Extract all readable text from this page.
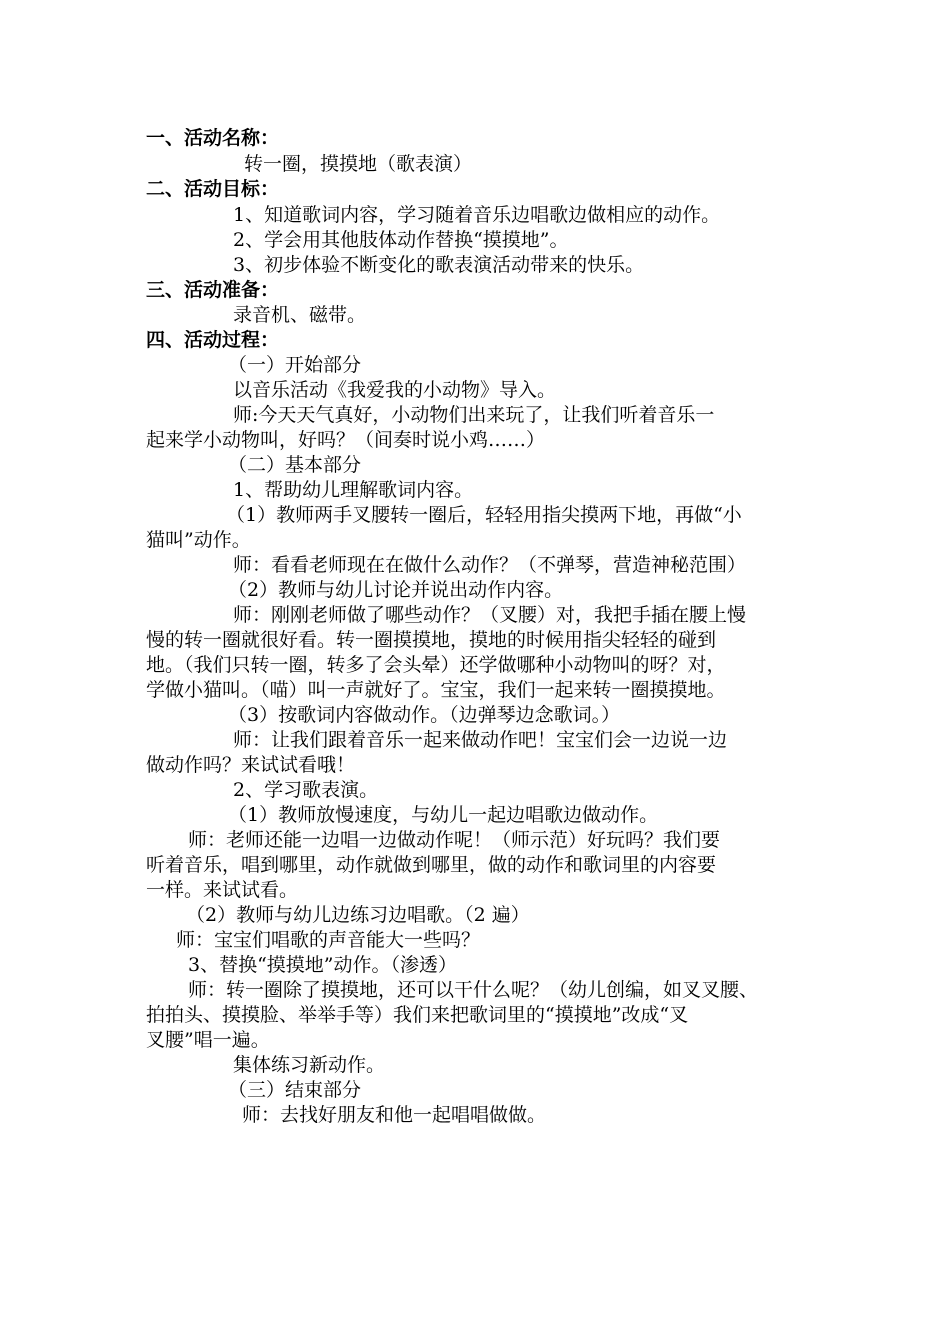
一、活动名称：
转一圈，摸摸地（歌表演）
二、活动目标：
1、知道歌词内容，学习随着音乐边唱歌边做相应的动作。
2、学会用其他肢体动作替换“摸摸地”。
3、初步体验不断变化的歌表演活动带来的快乐。
三、活动准备：
录音机、磁带。
四、活动过程：
（一）开始部分
以音乐活动《我爱我的小动物》导入。
师:今天天气真好，小动物们出来玩了，让我们听着音乐一
起来学小动物叫，好吗？（间奏时说小鸡……）
（二）基本部分
1、帮助幼儿理解歌词内容。
（1）教师两手叉腰转一圈后，轻轻用指尖摸两下地，再做“小
猫叫”动作。
师：看看老师现在在做什么动作？（不弹琴，营造神秘范围）
（2）教师与幼儿讨论并说出动作内容。
师：刚刚老师做了哪些动作？（叉腰）对，我把手插在腰上慢
慢的转一圈就很好看。转一圈摸摸地，摸地的时候用指尖轻轻的碰到
地。（我们只转一圈，转多了会头晕）还学做哪种小动物叫的呀？对，
学做小猫叫。（喵）叫一声就好了。宝宝，我们一起来转一圈摸摸地。
（3）按歌词内容做动作。（边弹琴边念歌词。）
师：让我们跟着音乐一起来做动作吧！宝宝们会一边说一边
做动作吗？来试试看哦！
2、学习歌表演。
（1）教师放慢速度，与幼儿一起边唱歌边做动作。
师：老师还能一边唱一边做动作呢！（师示范）好玩吗？我们要
听着音乐，唱到哪里，动作就做到哪里，做的动作和歌词里的内容要
一样。来试试看。
（2）教师与幼儿边练习边唱歌。（2 遍）
师：宝宝们唱歌的声音能大一些吗？
3、替换“摸摸地”动作。（渗透）
师：转一圈除了摸摸地，还可以干什么呢？（幼儿创编，如叉叉腰、
拍拍头、摸摸脸、举举手等）我们来把歌词里的“摸摸地”改成“叉
叉腰”唱一遍。
集体练习新动作。
（三）结束部分
师：去找好朋友和他一起唱唱做做。
